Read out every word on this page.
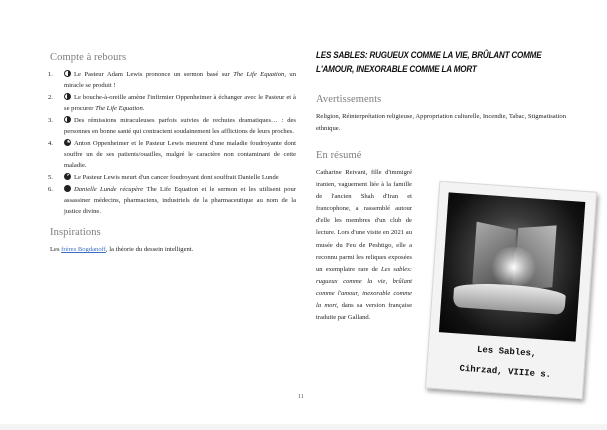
Compte à rebours
1.	Le Pasteur Adam Lewis prononce un sermon basé sur The Life Equation, un miracle se produit !
2.	Le bouche-à-oreille amène l'infirmier Oppenheimer à échanger avec le Pasteur et à se procurer The Life Equation.
3.	Des rémissions miraculeuses parfois suivies de rechutes dramatiques… : des personnes en bonne santé qui contractent soudainement les afflictions de leurs proches.
4.	Anton Oppenheimer et le Pasteur Lewis meurent d'une maladie foudroyante dont souffre un de ses patients/ouailles, malgré le caractère non contaminant de cette maladie.
5.	Le Pasteur Lewis meurt d'un cancer foudroyant dont souffrait Danielle Lunde
6.	Danielle Lunde récupère The Life Equation et le sermon et les utilisent pour assassiner médecins, pharmaciens, industriels de la pharmaceutique au nom de la justice divine.
Inspirations
Les frères Bogdanoff, la théorie du dessein intelligent.
LES SABLES: RUGUEUX COMME LA VIE, BRÛLANT COMME L'AMOUR, INEXORABLE COMME LA MORT
Avertissements
Religion, Réinterprétation religieuse, Appropriation culturelle, Incendie, Tabac, Stigmatisation ethnique.
En résumé
Catharine Reivani, fille d'immigré iranien, vaguement liée à la famille de l'ancien Shah d'Iran et francophone, a rassemblé autour d'elle les membres d'un club de lecture. Lors d'une visite en 2021 au musée du Feu de Peshtigo, elle a reconnu parmi les reliques exposées un exemplaire rare de Les sables: rugueux comme la vie, brûlant comme l'amour, inexorable comme la mort, dans sa version française traduite par Galland.
Les Sables,
Cihrzad, VIIIe s.
11
